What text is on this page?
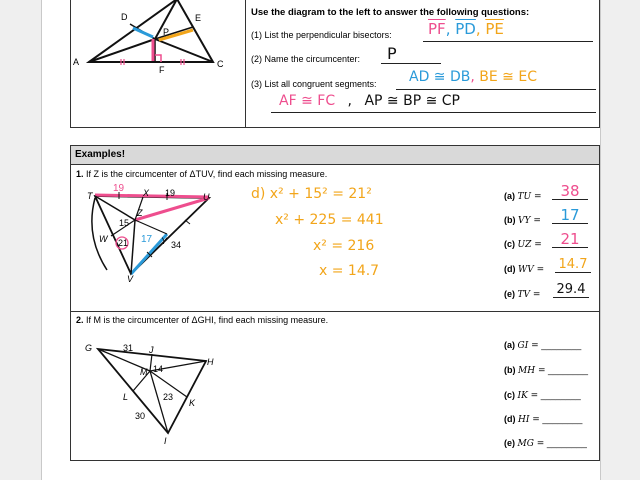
A
D	E
P
F
C
Use the diagram to the left to answer the following questions:
(1) List the perpendicular bisectors: $\overline{PF}$, $\overline{PD}$, $\overline{PE}$
(2) Name the circumcenter: P
(3) List all congruent segments: AD ≅ DB, BE ≅ EC
AF ≅ FC , AP ≅ BP ≅ CP
Examples!
1. If Z is the circumcenter of ΔTUV, find each missing measure.
T	X	U
19	19
15
Z
W 21 17 Y 34
V
d) x² + 15² = 21²
x² + 225 = 441
x² = 216
x = 14.7
(a) TU =	38
(b) VY =	17
(c) UZ =	21
(d) WV = 14.7
(e) TV = 29.4
2. If M is the circumcenter of ΔGHI, find each missing measure.
G	31 J
H
M 14
L	23
K
30
I
(a) GI = ________
(b) MH = ________
(c) IK = ________
(d) HI = ________
(e) MG = ________
